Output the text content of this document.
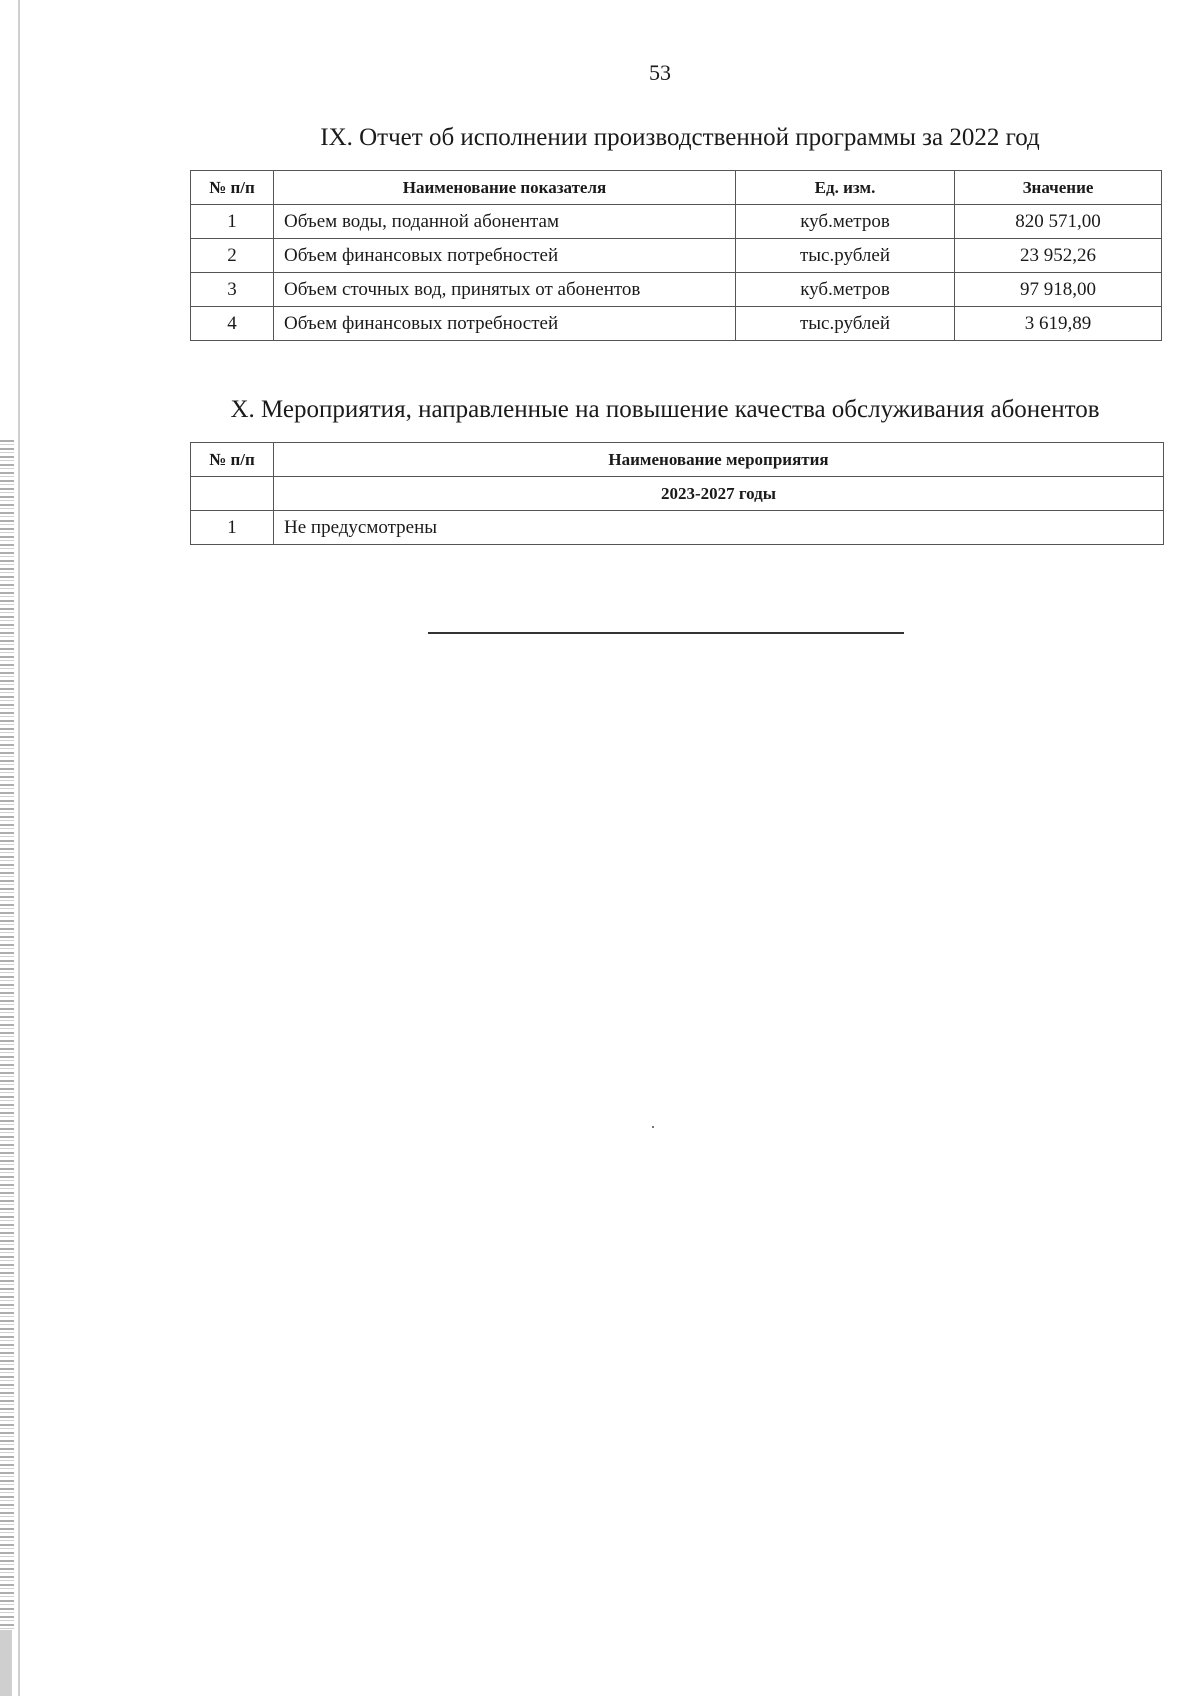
53
IX. Отчет об исполнении производственной программы за 2022 год
№ п/п	Наименование показателя	Ед. изм.	Значение
1	Объем воды, поданной абонентам	куб.метров	820 571,00
2	Объем финансовых потребностей	тыс.рублей	23 952,26
3	Объем сточных вод, принятых от абонентов	куб.метров	97 918,00
4	Объем финансовых потребностей	тыс.рублей	3 619,89
X. Мероприятия, направленные на повышение качества обслуживания абонентов
№ п/п	Наименование мероприятия
	2023-2027 годы
1	Не предусмотрены
